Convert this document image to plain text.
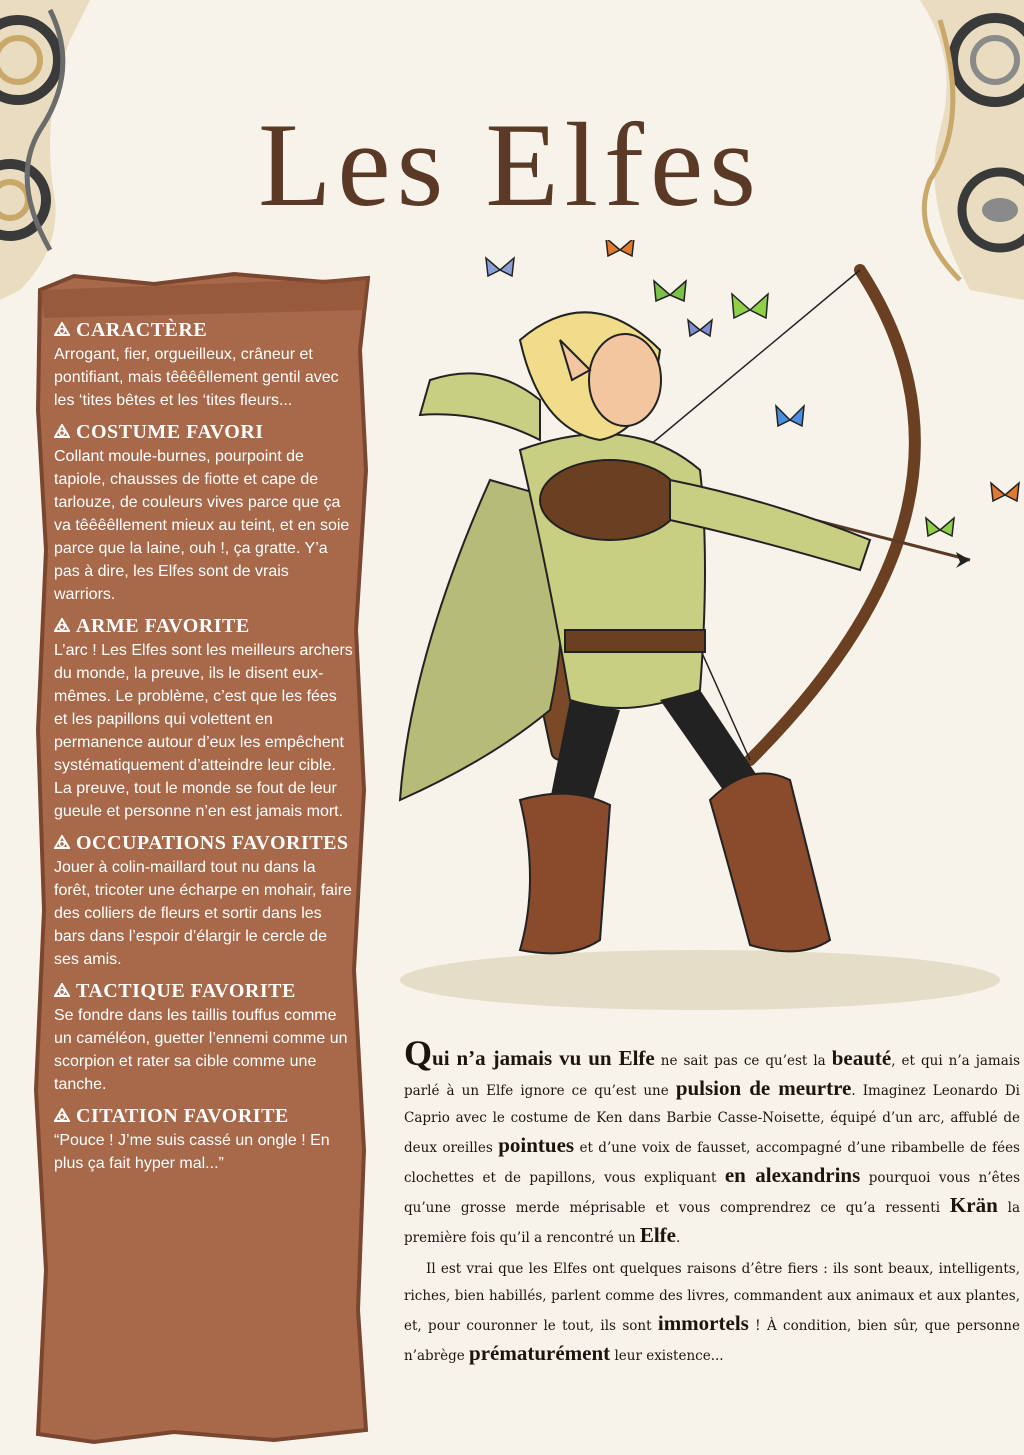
Les Elfes
CARACTÈRE
Arrogant, fier, orgueilleux, crâneur et pontifiant, mais têêêêllement gentil avec les ‘tites bêtes et les ‘tites fleurs...
COSTUME FAVORI
Collant moule-burnes, pourpoint de tapiole, chausses de fiotte et cape de tarlouze, de couleurs vives parce que ça va têêêêllement mieux au teint, et en soie parce que la laine, ouh !, ça gratte. Y’a pas à dire, les Elfes sont de vrais warriors.
ARME FAVORITE
L’arc ! Les Elfes sont les meilleurs archers du monde, la preuve, ils le disent eux-mêmes. Le problème, c’est que les fées et les papillons qui volettent en permanence autour d’eux les empêchent systématiquement d’atteindre leur cible. La preuve, tout le monde se fout de leur gueule et personne n’en est jamais mort.
OCCUPATIONS FAVORITES
Jouer à colin-maillard tout nu dans la forêt, tricoter une écharpe en mohair, faire des colliers de fleurs et sortir dans les bars dans l’espoir d’élargir le cercle de ses amis.
TACTIQUE FAVORITE
Se fondre dans les taillis touffus comme un caméléon, guetter l’ennemi comme un scorpion et rater sa cible comme une tanche.
CITATION FAVORITE
“Pouce ! J’me suis cassé un ongle ! En plus ça fait hyper mal...”

Qui n’a jamais vu un Elfe ne sait pas ce qu’est la beauté, et qui n’a jamais parlé à un Elfe ignore ce qu’est une pulsion de meurtre. Imaginez Leonardo Di Caprio avec le costume de Ken dans Barbie Casse-Noisette, équipé d’un arc, affublé de deux oreilles pointues et d’une voix de fausset, accompagné d’une ribambelle de fées clochettes et de papillons, vous expliquant en alexandrins pourquoi vous n’êtes qu’une grosse merde méprisable et vous comprendrez ce qu’a ressenti Krän la première fois qu’il a rencontré un Elfe.

Il est vrai que les Elfes ont quelques raisons d’être fiers : ils sont beaux, intelligents, riches, bien habillés, parlent comme des livres, commandent aux animaux et aux plantes, et, pour couronner le tout, ils sont immortels ! À condition, bien sûr, que personne n’abrège prématurément leur existence...
